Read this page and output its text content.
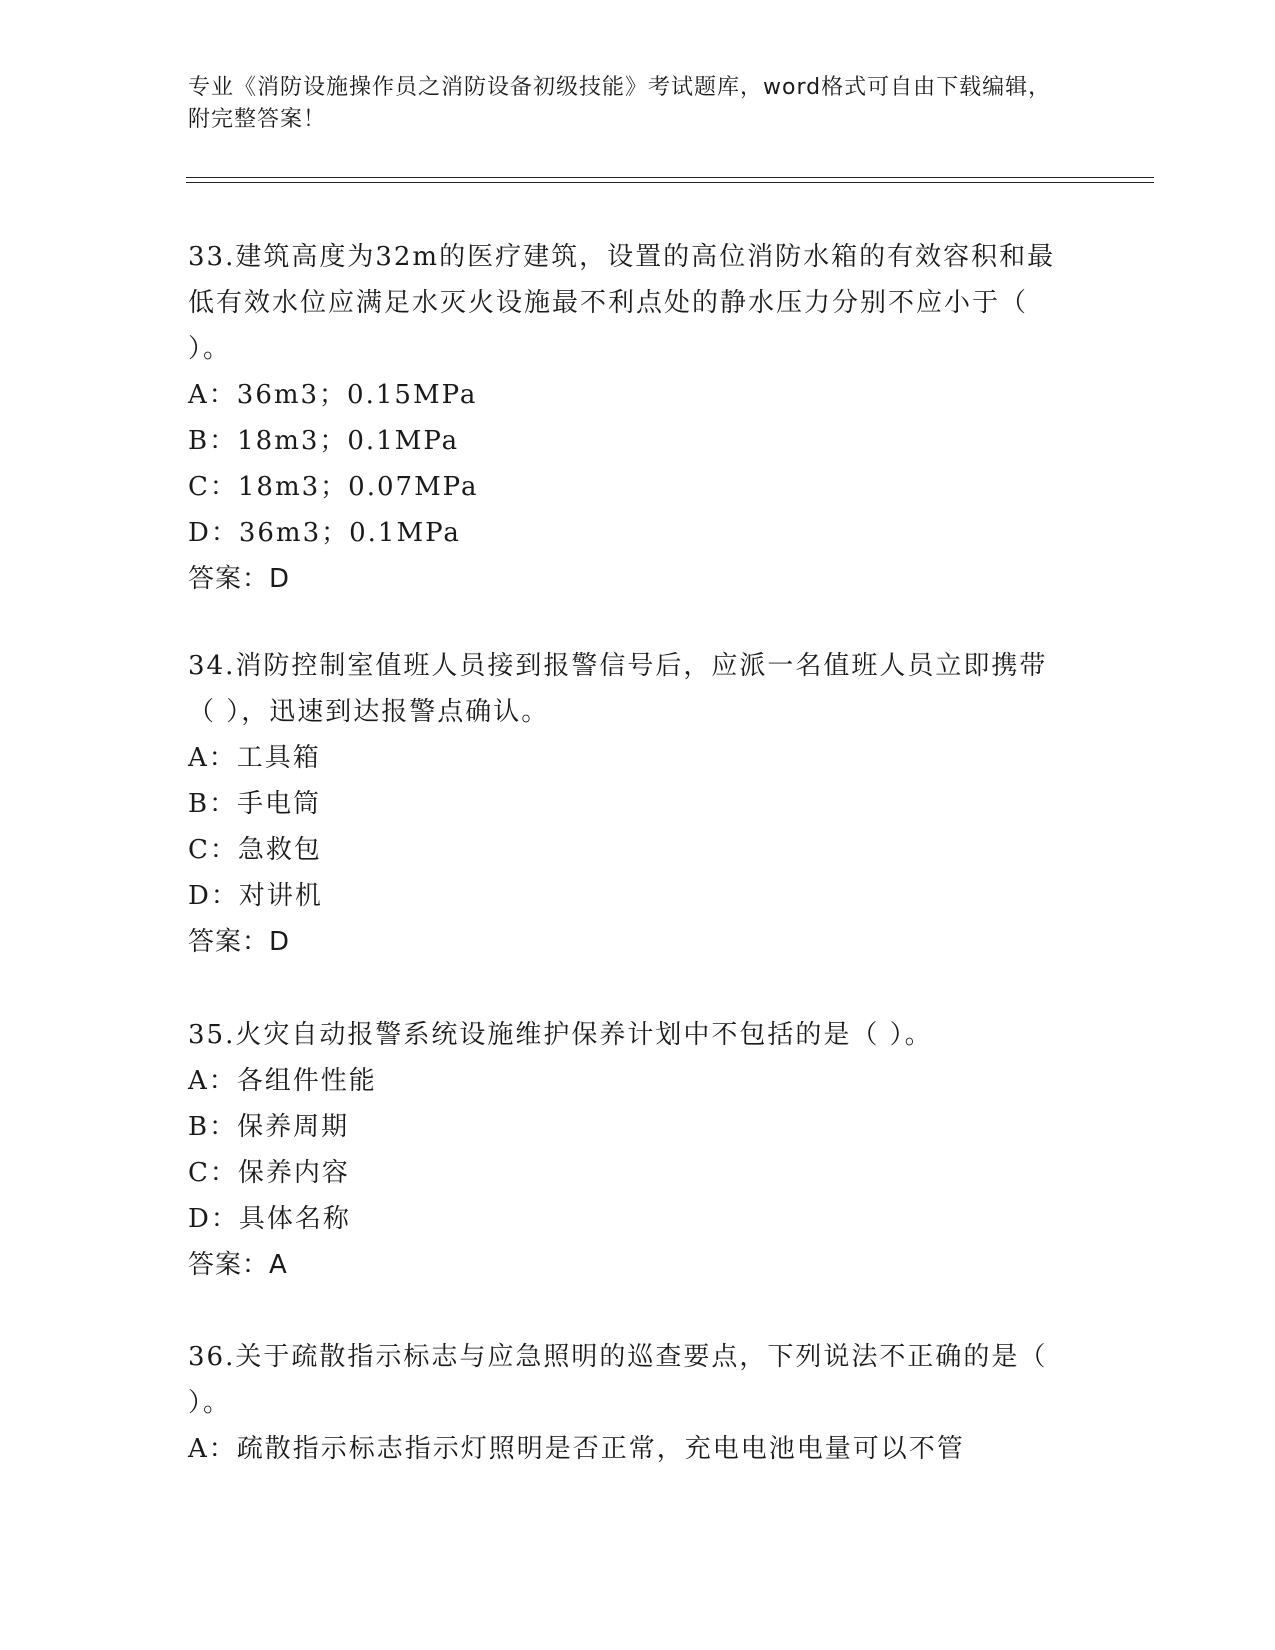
专业《消防设施操作员之消防设备初级技能》考试题库，word格式可自由下载编辑，附完整答案！

33.建筑高度为32m的医疗建筑，设置的高位消防水箱的有效容积和最低有效水位应满足水灭火设施最不利点处的静水压力分别不应小于（ ）。

A：36m3；0.15MPa

B：18m3；0.1MPa

C：18m3；0.07MPa

D：36m3；0.1MPa

答案：D

34.消防控制室值班人员接到报警信号后，应派一名值班人员立即携带（ ），迅速到达报警点确认。

A：工具箱

B：手电筒

C：急救包

D：对讲机

答案：D

35.火灾自动报警系统设施维护保养计划中不包括的是（ ）。

A：各组件性能

B：保养周期

C：保养内容

D：具体名称

答案：A

36.关于疏散指示标志与应急照明的巡查要点，下列说法不正确的是（ ）。

A：疏散指示标志指示灯照明是否正常，充电电池电量可以不管
